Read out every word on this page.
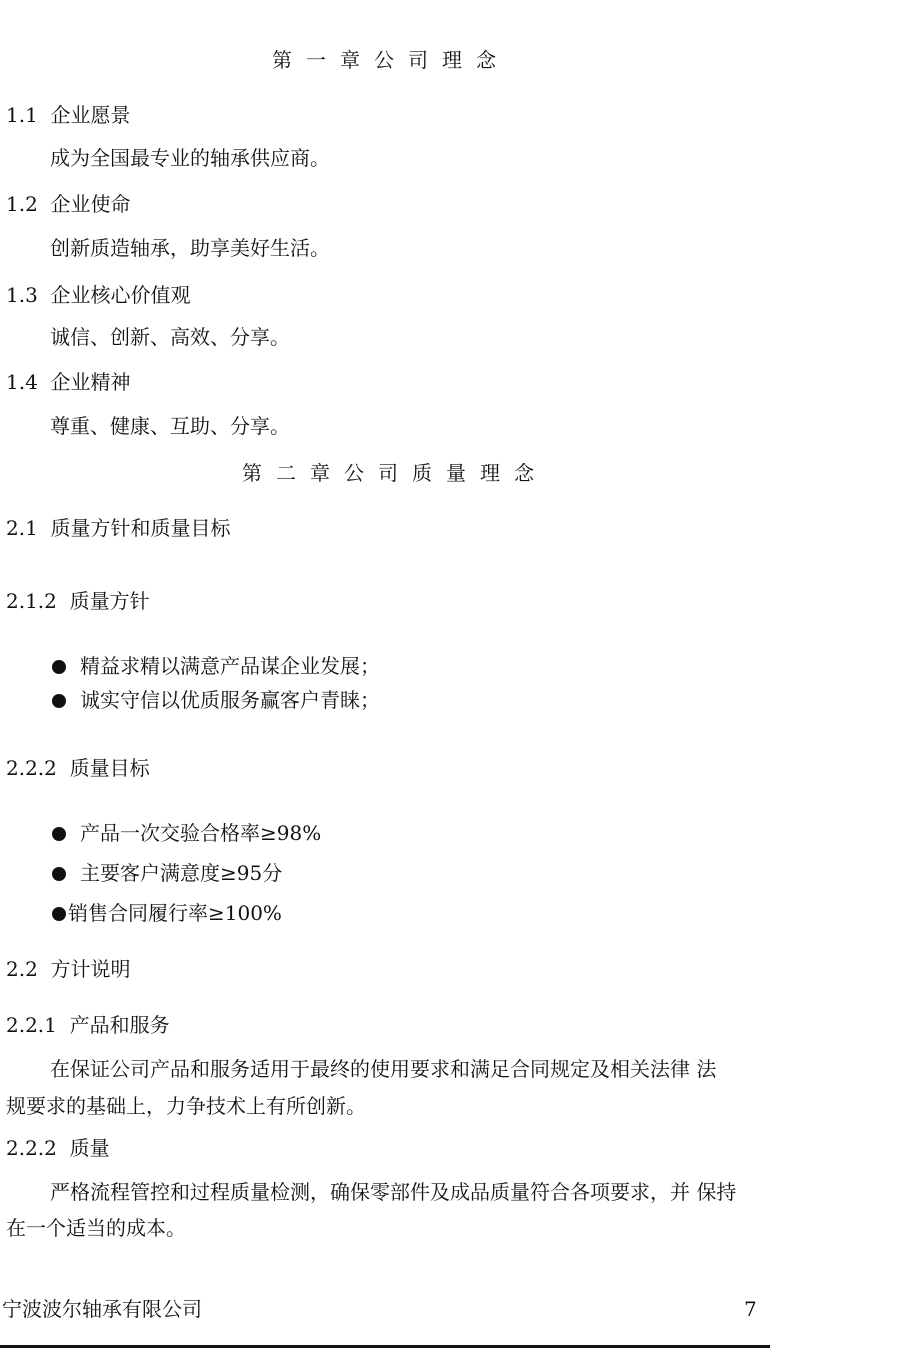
第一章公司理念
1.1 企业愿景
成为全国最专业的轴承供应商。
1.2 企业使命
创新质造轴承，助享美好生活。
1.3 企业核心价值观
诚信、创新、高效、分享。
1.4 企业精神
尊重、健康、互助、分享。
第二章公司质量理念
2.1 质量方针和质量目标
2.1.2 质量方针
精益求精以满意产品谋企业发展；
诚实守信以优质服务赢客户青睐；
2.2.2 质量目标
产品一次交验合格率≥98%
主要客户满意度≥95分
销售合同履行率≥100%
2.2 方计说明
2.2.1 产品和服务
在保证公司产品和服务适用于最终的使用要求和满足合同规定及相关法律 法
规要求的基础上，力争技术上有所创新。
2.2.2 质量
严格流程管控和过程质量检测，确保零部件及成品质量符合各项要求，并 保持
在一个适当的成本。
宁波波尔轴承有限公司	7
